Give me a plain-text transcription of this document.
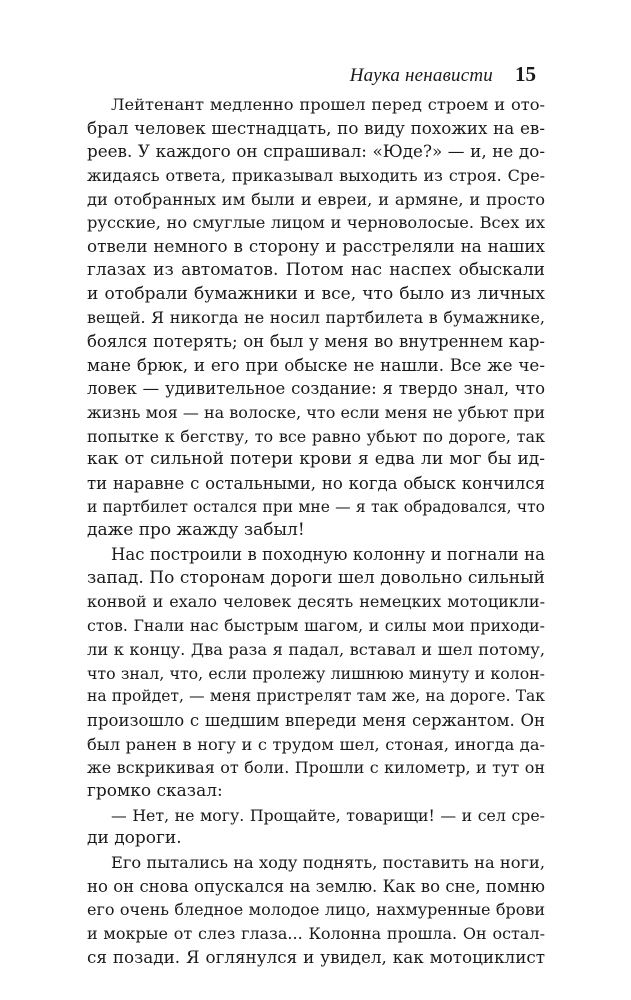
Наука ненависти 15
Лейтенант медленно прошел перед строем и ото-
брал человек шестнадцать, по виду похожих на ев-
реев. У каждого он спрашивал: «Юде?» — и, не до-
жидаясь ответа, приказывал выходить из строя. Сре-
ди отобранных им были и евреи, и армяне, и просто
русские, но смуглые лицом и черноволосые. Всех их
отвели немного в сторону и расстреляли на наших
глазах из автоматов. Потом нас наспех обыскали
и отобрали бумажники и все, что было из личных
вещей. Я никогда не носил партбилета в бумажнике,
боялся потерять; он был у меня во внутреннем кар-
мане брюк, и его при обыске не нашли. Все же че-
ловек — удивительное создание: я твердо знал, что
жизнь моя — на волоске, что если меня не убьют при
попытке к бегству, то все равно убьют по дороге, так
как от сильной потери крови я едва ли мог бы ид-
ти наравне с остальными, но когда обыск кончился
и партбилет остался при мне — я так обрадовался, что
даже про жажду забыл!
Нас построили в походную колонну и погнали на
запад. По сторонам дороги шел довольно сильный
конвой и ехало человек десять немецких мотоцикли-
стов. Гнали нас быстрым шагом, и силы мои приходи-
ли к концу. Два раза я падал, вставал и шел потому,
что знал, что, если пролежу лишнюю минуту и колон-
на пройдет, — меня пристрелят там же, на дороге. Так
произошло с шедшим впереди меня сержантом. Он
был ранен в ногу и с трудом шел, стоная, иногда да-
же вскрикивая от боли. Прошли с километр, и тут он
громко сказал:
— Нет, не могу. Прощайте, товарищи! — и сел сре-
ди дороги.
Его пытались на ходу поднять, поставить на ноги,
но он снова опускался на землю. Как во сне, помню
его очень бледное молодое лицо, нахмуренные брови
и мокрые от слез глаза... Колонна прошла. Он остал-
ся позади. Я оглянулся и увидел, как мотоциклист
